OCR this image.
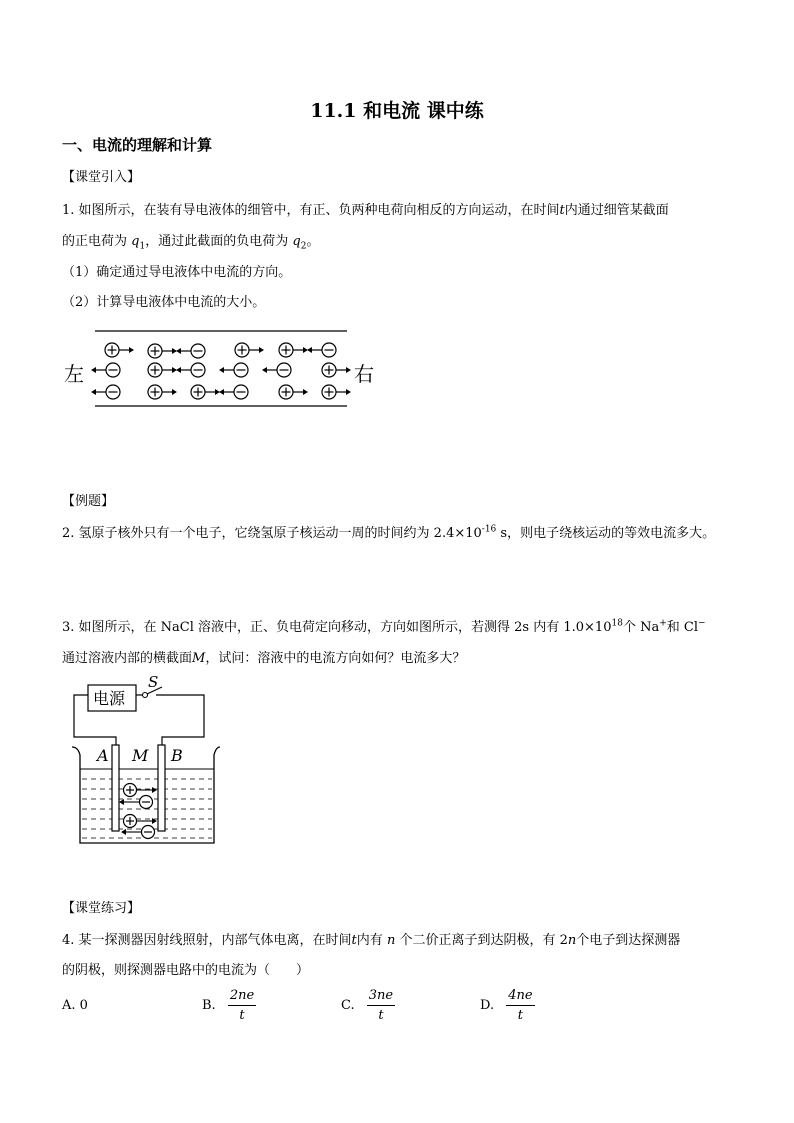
11.1 和电流 课中练
一、电流的理解和计算
【课堂引入】
1. 如图所示，在装有导电液体的细管中，有正、负两种电荷向相反的方向运动，在时间t内通过细管某截面
的正电荷为 $q_1$，通过此截面的负电荷为 $q_2$。
（1）确定通过导电液体中电流的方向。
（2）计算导电液体中电流的大小。
左	右
【例题】
2. 氢原子核外只有一个电子，它绕氢原子核运动一周的时间约为 $2.4\times 10^{-16}$ s，则电子绕核运动的等效电流多大。
3. 如图所示，在 NaCl 溶液中，正、负电荷定向移动，方向如图所示，若测得 2s 内有 $1.0\times 10^{18}$个 Na+和 Cl−
通过溶液内部的横截面M，试问：溶液中的电流方向如何？电流多大？
电源
S
A	B
M
【课堂练习】
4. 某一探测器因射线照射，内部气体电离，在时间t内有 n 个二价正离子到达阴极，有 2n个电子到达探测器
的阴极，则探测器电路中的电流为（　　）
A. 0	B. $\frac{2ne}{t}$	C. $\frac{3ne}{t}$	D. $\frac{4ne}{t}$
